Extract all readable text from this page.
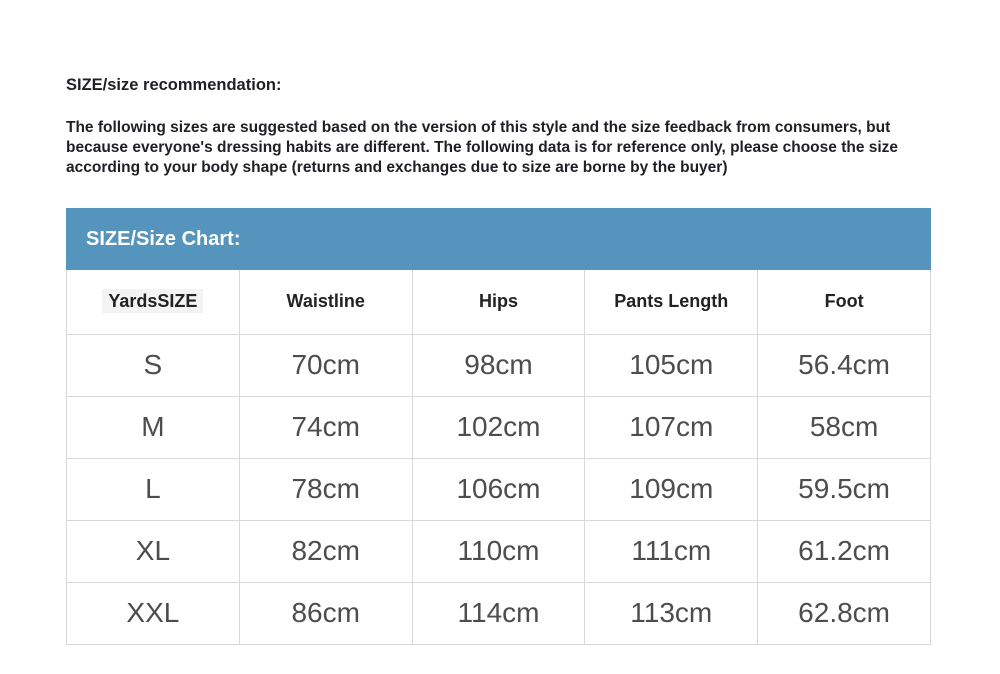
SIZE/size recommendation:

The following sizes are suggested based on the version of this style and the size feedback from consumers, but because everyone's dressing habits are different. The following data is for reference only, please choose the size according to your body shape (returns and exchanges due to size are borne by the buyer)

SIZE/Size Chart:
YardsSIZE	Waistline	Hips	Pants Length	Foot
S	70cm	98cm	105cm	56.4cm
M	74cm	102cm	107cm	58cm
L	78cm	106cm	109cm	59.5cm
XL	82cm	110cm	111cm	61.2cm
XXL	86cm	114cm	113cm	62.8cm
